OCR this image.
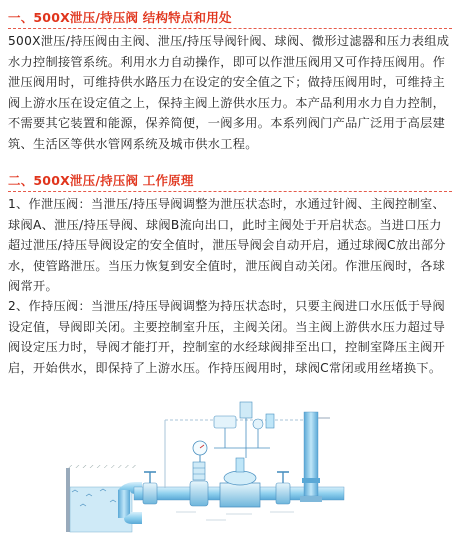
一、500X泄压/持压阀 结构特点和用处

500X泄压/持压阀由主阀、泄压/持压导阀针阀、球阀、微形过滤器和压力表组成水力控制接管系统。利用水力自动操作，即可以作泄压阀用又可作持压阀用。作泄压阀用时，可维持供水路压力在设定的安全值之下；做持压阀用时，可维持主阀上游水压在设定值之上，保持主阀上游供水压力。本产品利用水力自力控制，不需要其它装置和能源，保养简便，一阀多用。本系列阀门产品广泛用于高层建筑、生活区等供水管网系统及城市供水工程。

二、500X泄压/持压阀 工作原理

1、作泄压阀：当泄压/持压导阀调整为泄压状态时，水通过针阀、主阀控制室、球阀A、泄压/持压导阀、球阀B流向出口，此时主阀处于开启状态。当进口压力超过泄压/持压导阀设定的安全值时，泄压导阀会自动开启，通过球阀C放出部分水，使管路泄压。当压力恢复到安全值时，泄压阀自动关闭。作泄压阀时，各球阀常开。

2、作持压阀：当泄压/持压导阀调整为持压状态时，只要主阀进口水压低于导阀设定值，导阀即关闭。主要控制室升压，主阀关闭。当主阀上游供水压力超过导阀设定压力时，导阀才能打开，控制室的水经球阀排至出口，控制室降压主阀开启，开始供水，即保持了上游水压。作持压阀用时，球阀C常闭或用丝堵换下。
